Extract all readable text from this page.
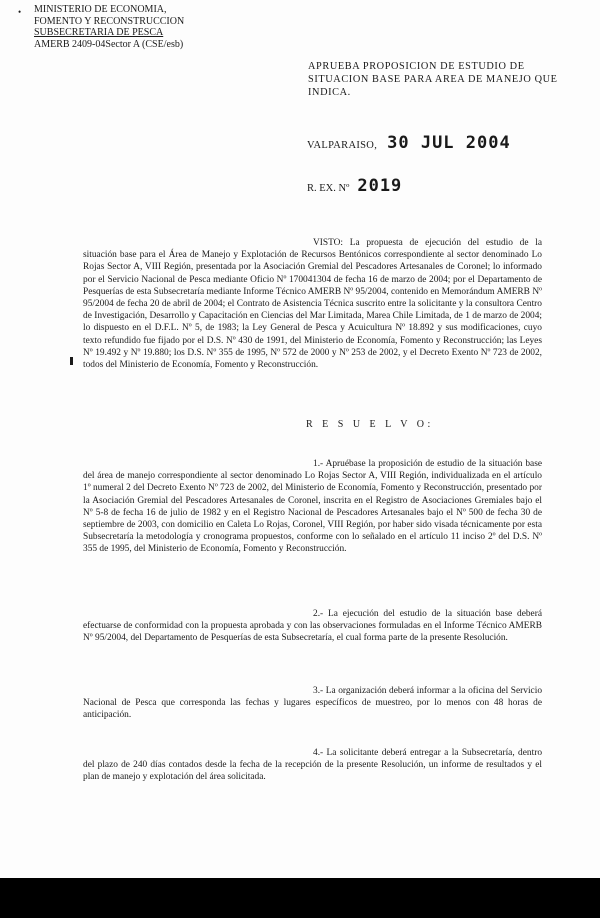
• MINISTERIO DE ECONOMIA,
FOMENTO Y RECONSTRUCCION
SUBSECRETARIA DE PESCA
AMERB 2409-04Sector A (CSE/esb)
APRUEBA PROPOSICION DE ESTUDIO DE SITUACION BASE PARA AREA DE MANEJO QUE INDICA.
VALPARAISO, 30 JUL 2004
R. EX. Nº 2019
VISTO: La propuesta de ejecución del estudio de la situación base para el Área de Manejo y Explotación de Recursos Bentónicos correspondiente al sector denominado Lo Rojas Sector A, VIII Región, presentada por la Asociación Gremial del Pescadores Artesanales de Coronel; lo informado por el Servicio Nacional de Pesca mediante Oficio Nº 170041304 de fecha 16 de marzo de 2004; por el Departamento de Pesquerías de esta Subsecretaría mediante Informe Técnico AMERB Nº 95/2004, contenido en Memorándum AMERB Nº 95/2004 de fecha 20 de abril de 2004; el Contrato de Asistencia Técnica suscrito entre la solicitante y la consultora Centro de Investigación, Desarrollo y Capacitación en Ciencias del Mar Limitada, Marea Chile Limitada, de 1 de marzo de 2004; lo dispuesto en el D.F.L. Nº 5, de 1983; la Ley General de Pesca y Acuicultura Nº 18.892 y sus modificaciones, cuyo texto refundido fue fijado por el D.S. Nº 430 de 1991, del Ministerio de Economía, Fomento y Reconstrucción; las Leyes Nº 19.492 y Nº 19.880; los D.S. Nº 355 de 1995, Nº 572 de 2000 y Nº 253 de 2002, y el Decreto Exento Nº 723 de 2002, todos del Ministerio de Economía, Fomento y Reconstrucción.
R E S U E L V O:
1.- Apruébase la proposición de estudio de la situación base del área de manejo correspondiente al sector denominado Lo Rojas Sector A, VIII Región, individualizada en el artículo 1º numeral 2 del Decreto Exento Nº 723 de 2002, del Ministerio de Economía, Fomento y Reconstrucción, presentado por la Asociación Gremial del Pescadores Artesanales de Coronel, inscrita en el Registro de Asociaciones Gremiales bajo el Nº 5-8 de fecha 16 de julio de 1982 y en el Registro Nacional de Pescadores Artesanales bajo el Nº 500 de fecha 30 de septiembre de 2003, con domicilio en Caleta Lo Rojas, Coronel, VIII Región, por haber sido visada técnicamente por esta Subsecretaría la metodología y cronograma propuestos, conforme con lo señalado en el artículo 11 inciso 2º del D.S. Nº 355 de 1995, del Ministerio de Economía, Fomento y Reconstrucción.
2.- La ejecución del estudio de la situación base deberá efectuarse de conformidad con la propuesta aprobada y con las observaciones formuladas en el Informe Técnico AMERB Nº 95/2004, del Departamento de Pesquerías de esta Subsecretaría, el cual forma parte de la presente Resolución.
3.- La organización deberá informar a la oficina del Servicio Nacional de Pesca que corresponda las fechas y lugares específicos de muestreo, por lo menos con 48 horas de anticipación.
4.- La solicitante deberá entregar a la Subsecretaría, dentro del plazo de 240 días contados desde la fecha de la recepción de la presente Resolución, un informe de resultados y el plan de manejo y explotación del área solicitada.
